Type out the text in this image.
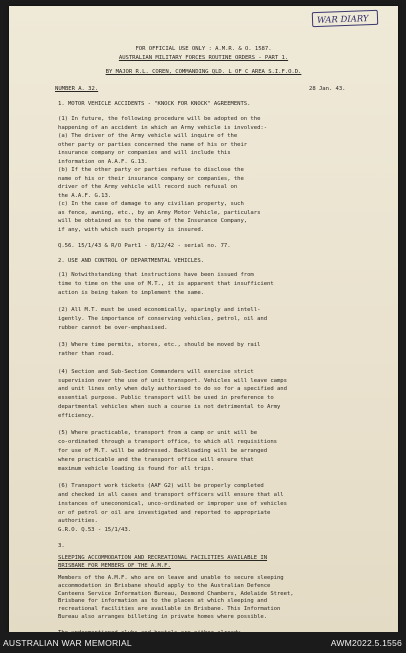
WAR DIARY
FOR OFFICIAL USE ONLY : A.M.R. & O. 1587.
AUSTRALIAN MILITARY FORCES ROUTINE ORDERS - PART 1.
BY MAJOR R.L. COREN, COMMANDING QLD. L OF C AREA S.I.F.O.D.
NUMBER A. 32.	28 Jan. 43.
1. MOTOR VEHICLE ACCIDENTS - "KNOCK FOR KNOCK" AGREEMENTS.
(1) In future, the following procedure will be adopted on the
happening of an accident in which an Army vehicle is involved:-
(a) The driver of the Army vehicle will inquire of the
other party or parties concerned the name of his or their
insurance company or companies and will include this
information on A.A.F. G.13.
(b) If the other party or parties refuse to disclose the
name of his or their insurance company or companies, the
driver of the Army vehicle will record such refusal on
the A.A.F. G.13.
(c) In the case of damage to any civilian property, such
as fence, awning, etc., by an Army Motor Vehicle, particulars
will be obtained as to the name of the Insurance Company,
if any, with which such property is insured.
Q.56. 15/1/43 & R/O Part1 - 8/12/42 - serial no. 77.
2. USE AND CONTROL OF DEPARTMENTAL VEHICLES.
(1) Notwithstanding that instructions have been issued from
time to time on the use of M.T., it is apparent that insufficient
action is being taken to implement the same.
(2) All M.T. must be used economically, sparingly and intell-
igently. The importance of conserving vehicles, petrol, oil and
rubber cannot be over-emphasised.
(3) Where time permits, stores, etc., should be moved by rail
rather than road.
(4) Section and Sub-Section Commanders will exercise strict
supervision over the use of unit transport. Vehicles will leave camps
and unit lines only when duly authorised to do so for a specified and
essential purpose. Public transport will be used in preference to
departmental vehicles when such a course is not detrimental to Army
efficiency.
(5) Where practicable, transport from a camp or unit will be
co-ordinated through a transport office, to which all requisitions
for use of M.T. will be addressed. Backloading will be arranged
where practicable and the transport office will ensure that
maximum vehicle loading is found for all trips.
(6) Transport work tickets (AAF G2) will be properly completed
and checked in all cases and transport officers will ensure that all
instances of uneconomical, unco-ordinated or improper use of vehicles
or of petrol or oil are investigated and reported to appropriate
authorities.
G.R.O. Q.53 - 15/1/43.
3.
SLEEPING ACCOMMODATION AND RECREATIONAL FACILITIES AVAILABLE IN
BRISBANE FOR MEMBERS OF THE A.M.F.
Members of the A.M.F. who are on leave and unable to secure sleeping
accommodation in Brisbane should apply to the Australian Defence
Canteens Service Information Bureau, Desmond Chambers, Adelaide Street,
Brisbane for information as to the places at which sleeping and
recreational facilities are available in Brisbane. This Information
Bureau also arranges billeting in private homes where possible.
AUSTRALIAN WAR MEMORIAL	AWM2022.5.1556
